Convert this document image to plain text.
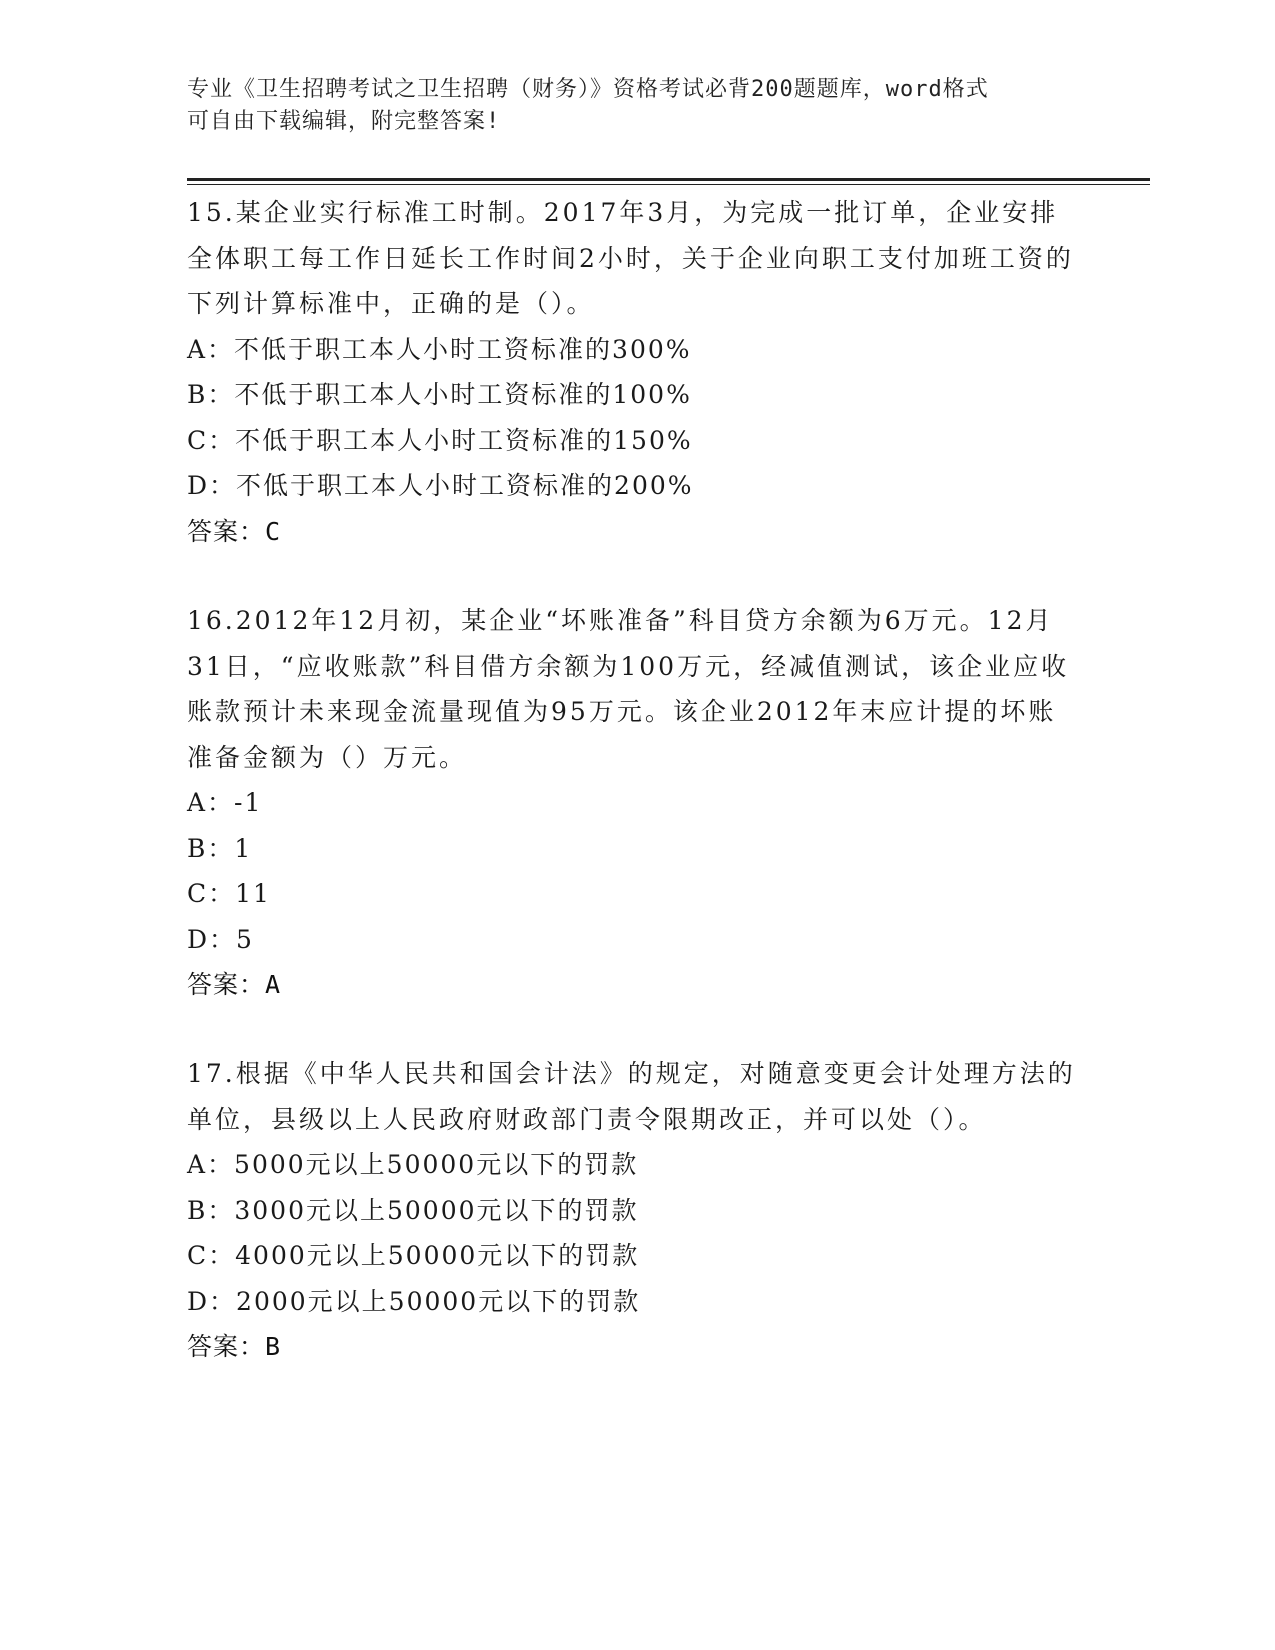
专业《卫生招聘考试之卫生招聘（财务）》资格考试必背200题题库，word格式
可自由下载编辑，附完整答案!

15.某企业实行标准工时制。2017年3月，为完成一批订单，企业安排全体职工每工作日延长工作时间2小时，关于企业向职工支付加班工资的下列计算标准中，正确的是（）。

A：不低于职工本人小时工资标准的300%

B：不低于职工本人小时工资标准的100%

C：不低于职工本人小时工资标准的150%

D：不低于职工本人小时工资标准的200%

答案：C

16.2012年12月初，某企业“坏账准备”科目贷方余额为6万元。12月31日，“应收账款”科目借方余额为100万元，经减值测试，该企业应收账款预计未来现金流量现值为95万元。该企业2012年末应计提的坏账准备金额为（）万元。

A：-1

B：1

C：11

D：5

答案：A

17.根据《中华人民共和国会计法》的规定，对随意变更会计处理方法的单位，县级以上人民政府财政部门责令限期改正，并可以处（）。

A：5000元以上50000元以下的罚款

B：3000元以上50000元以下的罚款

C：4000元以上50000元以下的罚款

D：2000元以上50000元以下的罚款

答案：B
